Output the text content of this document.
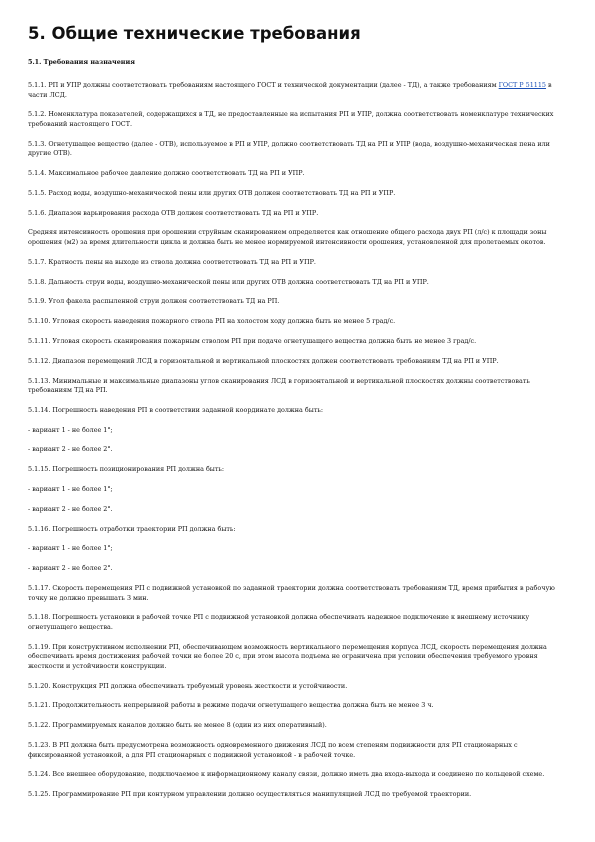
5. Общие технические требования
5.1. Требования назначения
5.1.1. РП и УПР должны соответствовать требованиям настоящего ГОСТ и технической документации (далее - ТД), а также требованиям ГОСТ Р 51115 в части ЛСД.
5.1.2. Номенклатура показателей, содержащихся в ТД, не предоставленные на испытания РП и УПР, должна соответствовать номенклатуре технических требований настоящего ГОСТ.
5.1.3. Огнетушащее вещество (далее - ОТВ), используемое в РП и УПР, должно соответствовать ТД на РП и УПР (вода, воздушно-механическая пена или другие ОТВ).
5.1.4. Максимальное рабочее давление должно соответствовать ТД на РП и УПР.
5.1.5. Расход воды, воздушно-механической пены или других ОТВ должен соответствовать ТД на РП и УПР.
5.1.6. Диапазон варьирования расхода ОТВ должен соответствовать ТД на РП и УПР.
Средняя интенсивность орошения при орошении струйным сканированием определяется как отношение общего расхода двух РП (л/с) к площади зоны орошения (м2) за время длительности цикла и должна быть не менее нормируемой интенсивности орошения, установленной для пролетаемых окотов.
5.1.7. Кратность пены на выходе из ствола должна соответствовать ТД на РП и УПР.
5.1.8. Дальность струи воды, воздушно-механической пены или других ОТВ должна соответствовать ТД на РП и УПР.
5.1.9. Угол факела распыленной струи должен соответствовать ТД на РП.
5.1.10. Угловая скорость наведения пожарного ствола РП на холостом ходу должна быть не менее 5 град/с.
5.1.11. Угловая скорость сканирования пожарным стволом РП при подаче огнетушащего вещества должна быть не менее 3 град/с.
5.1.12. Диапазон перемещений ЛСД в горизонтальной и вертикальной плоскостях должен соответствовать требованиям ТД на РП и УПР.
5.1.13. Минимальные и максимальные диапазоны углов сканирования ЛСД в горизонтальной и вертикальной плоскостях должны соответствовать требованиям ТД на РП.
5.1.14. Погрешность наведения РП в соответствии заданной координате должна быть:
- вариант 1 - не более 1°;
- вариант 2 - не более 2°.
5.1.15. Погрешность позиционирования РП должна быть:
- вариант 1 - не более 1°;
- вариант 2 - не более 2°.
5.1.16. Погрешность отработки траектории РП должна быть:
- вариант 1 - не более 1°;
- вариант 2 - не более 2°.
5.1.17. Скорость перемещения РП с подвижной установкой по заданной траектории должна соответствовать требованиям ТД, время прибытия в рабочую точку не должно превышать 3 мин.
5.1.18. Погрешность установки в рабочей точке РП с подвижной установкой должна обеспечивать надежное подключение к внешнему источнику огнетушащего вещества.
5.1.19. При конструктивном исполнении РП, обеспечивающем возможность вертикального перемещения корпуса ЛСД, скорость перемещения должна обеспечивать время достижения рабочей точки не более 20 с, при этом высота подъема не ограничена при условии обеспечения требуемого уровня жесткости и устойчивости конструкции.
5.1.20. Конструкция РП должна обеспечивать требуемый уровень жесткости и устойчивости.
5.1.21. Продолжительность непрерывной работы в режиме подачи огнетушащего вещества должна быть не менее 3 ч.
5.1.22. Программируемых каналов должно быть не менее 8 (один из них оперативный).
5.1.23. В РП должна быть предусмотрена возможность одновременного движения ЛСД по всем степеням подвижности для РП стационарных с фиксированной установкой, а для РП стационарных с подвижной установкой - в рабочей точке.
5.1.24. Все внешнее оборудование, подключаемое к информационному каналу связи, должно иметь два входа-выхода и соединено по кольцевой схеме.
5.1.25. Программирование РП при контурном управлении должно осуществляться манипуляцией ЛСД по требуемой траектории.
